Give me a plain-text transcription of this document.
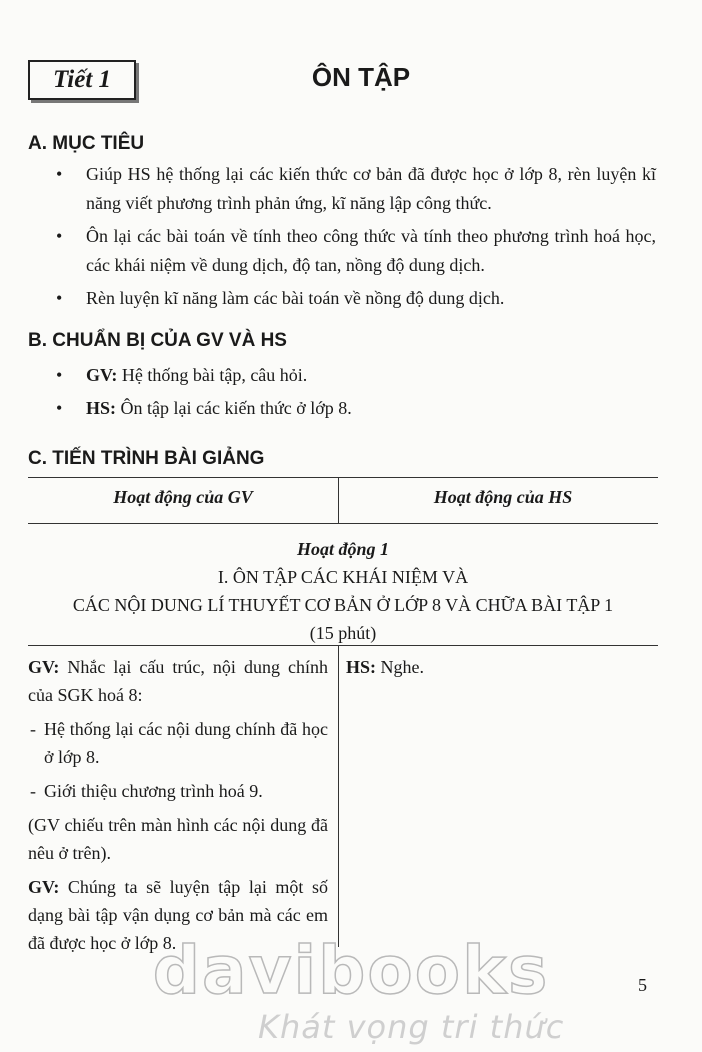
Tiết 1	ÔN TẬP
A. MỤC TIÊU
• Giúp HS hệ thống lại các kiến thức cơ bản đã được học ở lớp 8, rèn luyện kĩ năng viết phương trình phản ứng, kĩ năng lập công thức.
• Ôn lại các bài toán về tính theo công thức và tính theo phương trình hoá học, các khái niệm về dung dịch, độ tan, nồng độ dung dịch.
• Rèn luyện kĩ năng làm các bài toán về nồng độ dung dịch.
B. CHUẨN BỊ CỦA GV VÀ HS
• GV: Hệ thống bài tập, câu hỏi.
• HS: Ôn tập lại các kiến thức ở lớp 8.
C. TIẾN TRÌNH BÀI GIẢNG
Hoạt động của GV	Hoạt động của HS
Hoạt động 1
I. ÔN TẬP CÁC KHÁI NIỆM VÀ
CÁC NỘI DUNG LÍ THUYẾT CƠ BẢN Ở LỚP 8 VÀ CHỮA BÀI TẬP 1
(15 phút)

GV: Nhắc lại cấu trúc, nội dung chính của SGK hoá 8:

- Hệ thống lại các nội dung chính đã học ở lớp 8.

- Giới thiệu chương trình hoá 9.

(GV chiếu trên màn hình các nội dung đã nêu ở trên).

GV: Chúng ta sẽ luyện tập lại một số dạng bài tập vận dụng cơ bản mà các em đã được học ở lớp 8.

HS: Nghe.
davibooks
Khát vọng tri thức
5
